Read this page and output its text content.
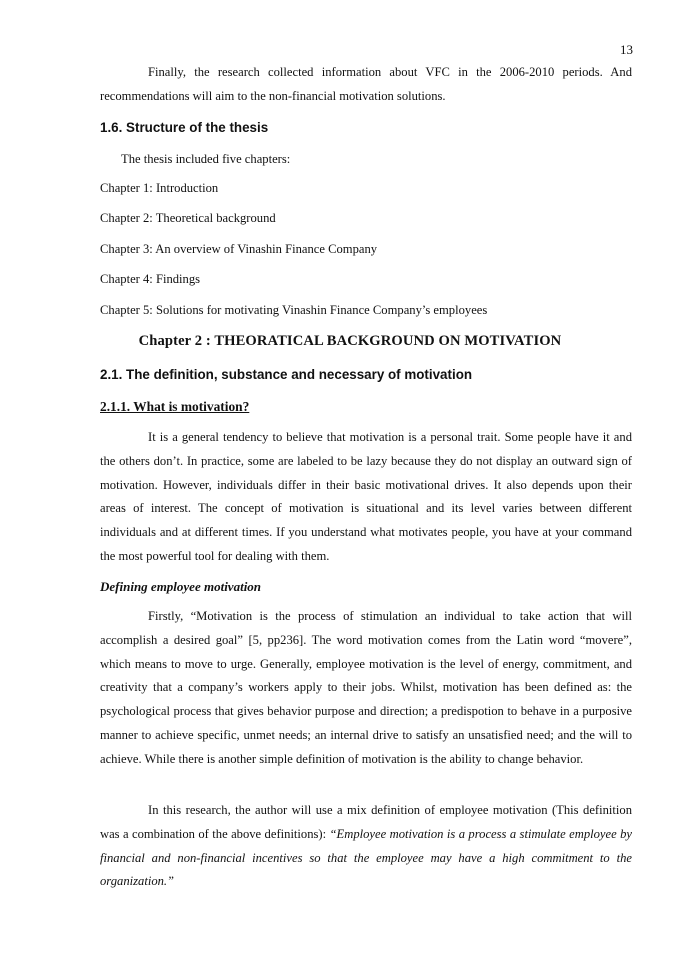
13

Finally, the research collected information about VFC in the 2006-2010 periods. And recommendations will aim to the non-financial motivation solutions.

1.6. Structure of the thesis
The thesis included five chapters:
Chapter 1: Introduction
Chapter 2: Theoretical background
Chapter 3: An overview of Vinashin Finance Company
Chapter 4: Findings
Chapter 5: Solutions for motivating Vinashin Finance Company’s employees
Chapter 2 : THEORATICAL BACKGROUND ON MOTIVATION
2.1. The definition, substance and necessary of motivation
2.1.1. What is motivation?

It is a general tendency to believe that motivation is a personal trait. Some people have it and the others don’t. In practice, some are labeled to be lazy because they do not display an outward sign of motivation. However, individuals differ in their basic motivational drives. It also depends upon their areas of interest. The concept of motivation is situational and its level varies between different individuals and at different times. If you understand what motivates people, you have at your command the most powerful tool for dealing with them.

Defining employee motivation

Firstly, “Motivation is the process of stimulation an individual to take action that will accomplish a desired goal” [5, pp236]. The word motivation comes from the Latin word “movere”, which means to move to urge. Generally, employee motivation is the level of energy, commitment, and creativity that a company’s workers apply to their jobs. Whilst, motivation has been defined as: the psychological process that gives behavior purpose and direction; a predispotion to behave in a purposive manner to achieve specific, unmet needs; an internal drive to satisfy an unsatisfied need; and the will to achieve. While there is another simple definition of motivation is the ability to change behavior.

In this research, the author will use a mix definition of employee motivation (This definition was a combination of the above definitions): “Employee motivation is a process a stimulate employee by financial and non-financial incentives so that the employee may have a high commitment to the organization.”
